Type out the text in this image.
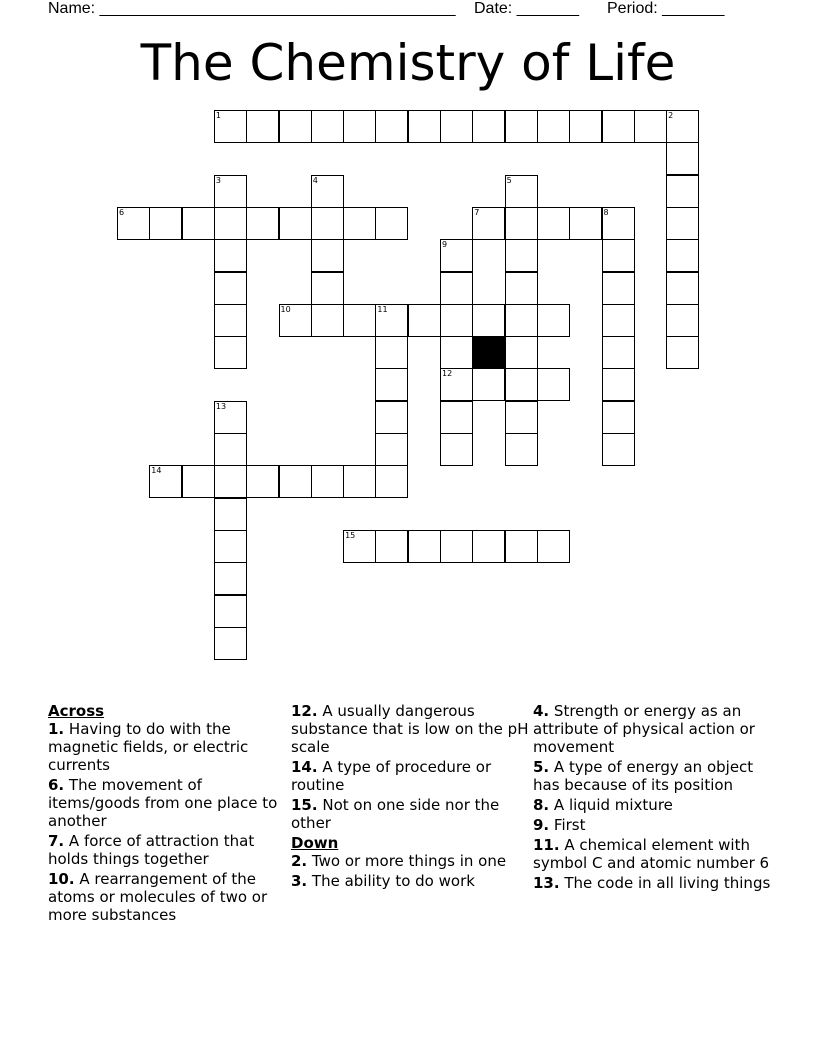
Name: ________________________________________ Date: _______ Period: _______
The Chemistry of Life
1	2
3	4	5
6	7	8
9
12
10	11
13
14
15
Across
1. Having to do with the magnetic fields, or electric currents
6. The movement of items/goods from one place to another
7. A force of attraction that holds things together
10. A rearrangement of the atoms or molecules of two or more substances
12. A usually dangerous substance that is low on the pH scale
14. A type of procedure or routine
15. Not on one side nor the other
Down
2. Two or more things in one
3. The ability to do work
4. Strength or energy as an attribute of physical action or movement
5. A type of energy an object has because of its position
8. A liquid mixture
9. First
11. A chemical element with symbol C and atomic number 6
13. The code in all living things
